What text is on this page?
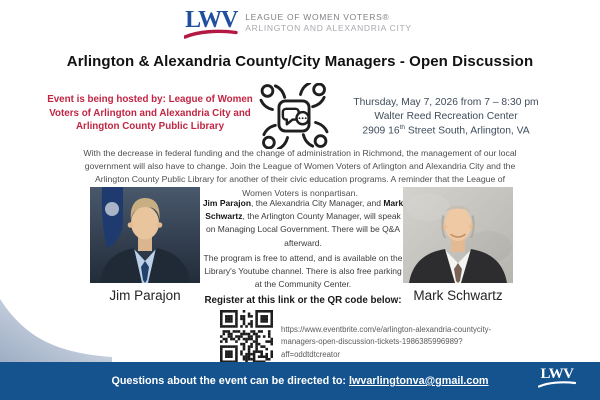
LWV LEAGUE OF WOMEN VOTERS®
ARLINGTON AND ALEXANDRIA CITY
Arlington & Alexandria County/City Managers - Open Discussion
Event is being hosted by: League of Women
Voters of Arlington and Alexandria City and
Arlington County Public Library
Thursday, May 7, 2026 from 7 – 8:30 pm
Walter Reed Recreation Center
2909 16th Street South, Arlington, VA
With the decrease in federal funding and the change of administration in Richmond, the management of our local
government will also have to change. Join the League of Women Voters of Arlington and Alexandria City and the
Arlington County Public Library for another of their civic education programs. A reminder that the League of
Women Voters is nonpartisan.
Jim Parajon	Mark Schwartz
Jim Parajon, the Alexandria City Manager, and Mark Schwartz, the Arlington County Manager, will speak on Managing Local Government. There will be Q&A afterward.
The program is free to attend, and is available on the Library's Youtube channel. There is also free parking at the Community Center.
Register at this link or the QR code below:
https://www.eventbrite.com/e/arlington-alexandria-countycity-
managers-open-discussion-tickets-1986385996989?aff=oddtdtcreator
Questions about the event can be directed to: lwvarlingtonva@gmail.com	LWV
